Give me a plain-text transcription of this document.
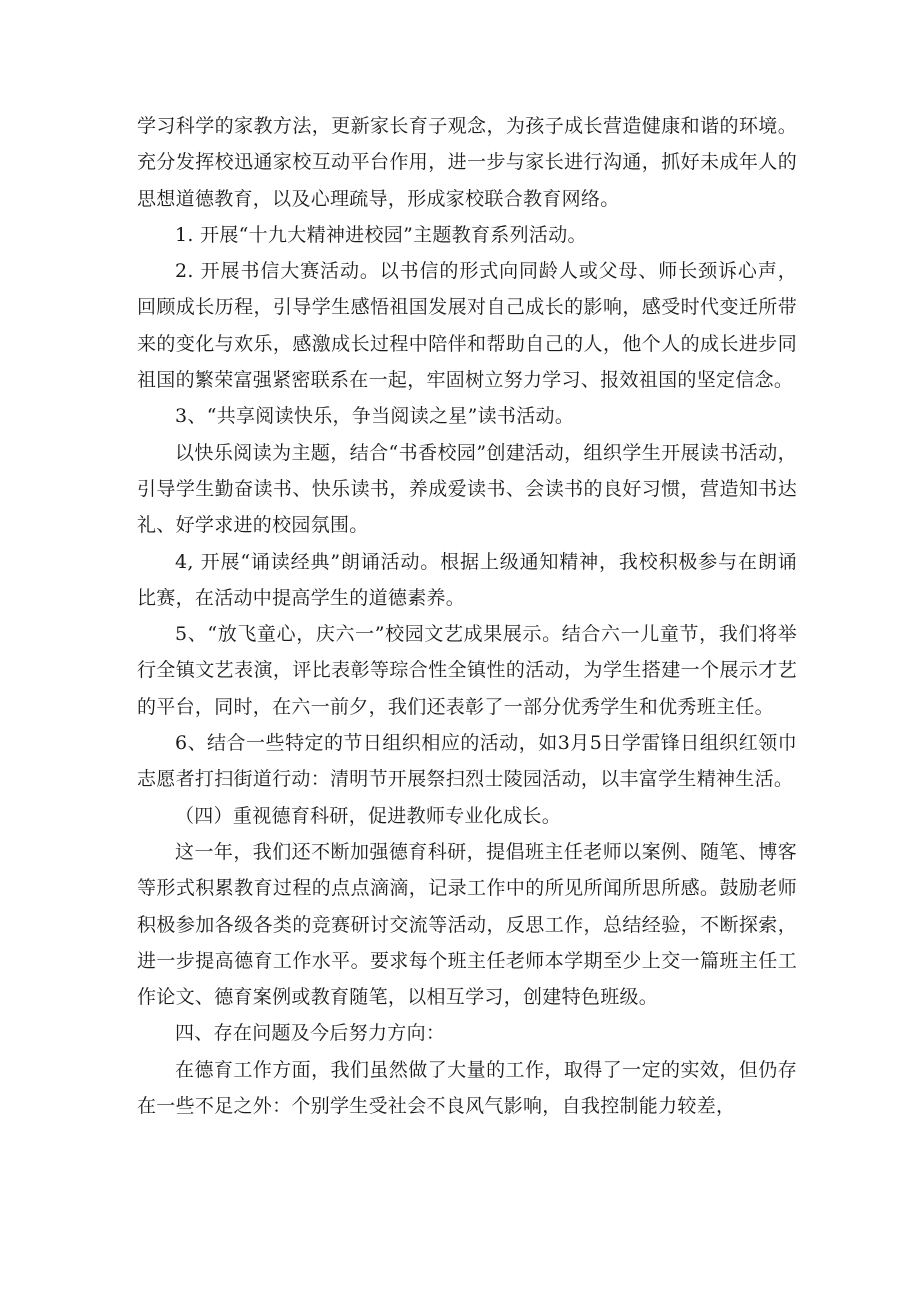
学习科学的家教方法，更新家长育子观念，为孩子成长营造健康和谐的环境。充分发挥校迅通家校互动平台作用，进一步与家长进行沟通，抓好未成年人的思想道德教育，以及心理疏导，形成家校联合教育网络。

1. 开展“十九大精神进校园”主题教育系列活动。

2. 开展书信大赛活动。以书信的形式向同龄人或父母、师长颈诉心声，回顾成长历程，引导学生感悟祖国发展对自己成长的影响，感受时代变迁所带来的变化与欢乐，感激成长过程中陪伴和帮助自己的人，他个人的成长进步同祖国的繁荣富强紧密联系在一起，牢固树立努力学习、报效祖国的坚定信念。

3、“共享阅读快乐，争当阅读之星”读书活动。

以快乐阅读为主题，结合“书香校园”创建活动，组织学生开展读书活动，引导学生勤奋读书、快乐读书，养成爱读书、会读书的良好习惯，营造知书达礼、好学求进的校园氛围。

4, 开展“诵读经典”朗诵活动。根据上级通知精神，我校积极参与在朗诵比赛，在活动中提高学生的道德素养。

5、“放飞童心，庆六一”校园文艺成果展示。结合六一儿童节，我们将举行全镇文艺表演，评比表彰等琮合性全镇性的活动，为学生搭建一个展示才艺的平台，同时，在六一前夕，我们还表彰了一部分优秀学生和优秀班主任。

6、结合一些特定的节日组织相应的活动，如3月5日学雷锋日组织红领巾志愿者打扫街道行动：清明节开展祭扫烈士陵园活动，以丰富学生精神生活。

（四）重视德育科研，促进教师专业化成长。

这一年，我们还不断加强德育科研，提倡班主任老师以案例、随笔、博客等形式积累教育过程的点点滴滴，记录工作中的所见所闻所思所感。鼓励老师积极参加各级各类的竞赛研讨交流等活动，反思工作，总结经验，不断探索，进一步提高德育工作水平。要求每个班主任老师本学期至少上交一篇班主任工作论文、德育案例或教育随笔，以相互学习，创建特色班级。

四、存在问题及今后努力方向：

在德育工作方面，我们虽然做了大量的工作，取得了一定的实效，但仍存在一些不足之外：个别学生受社会不良风气影响，自我控制能力较差，
